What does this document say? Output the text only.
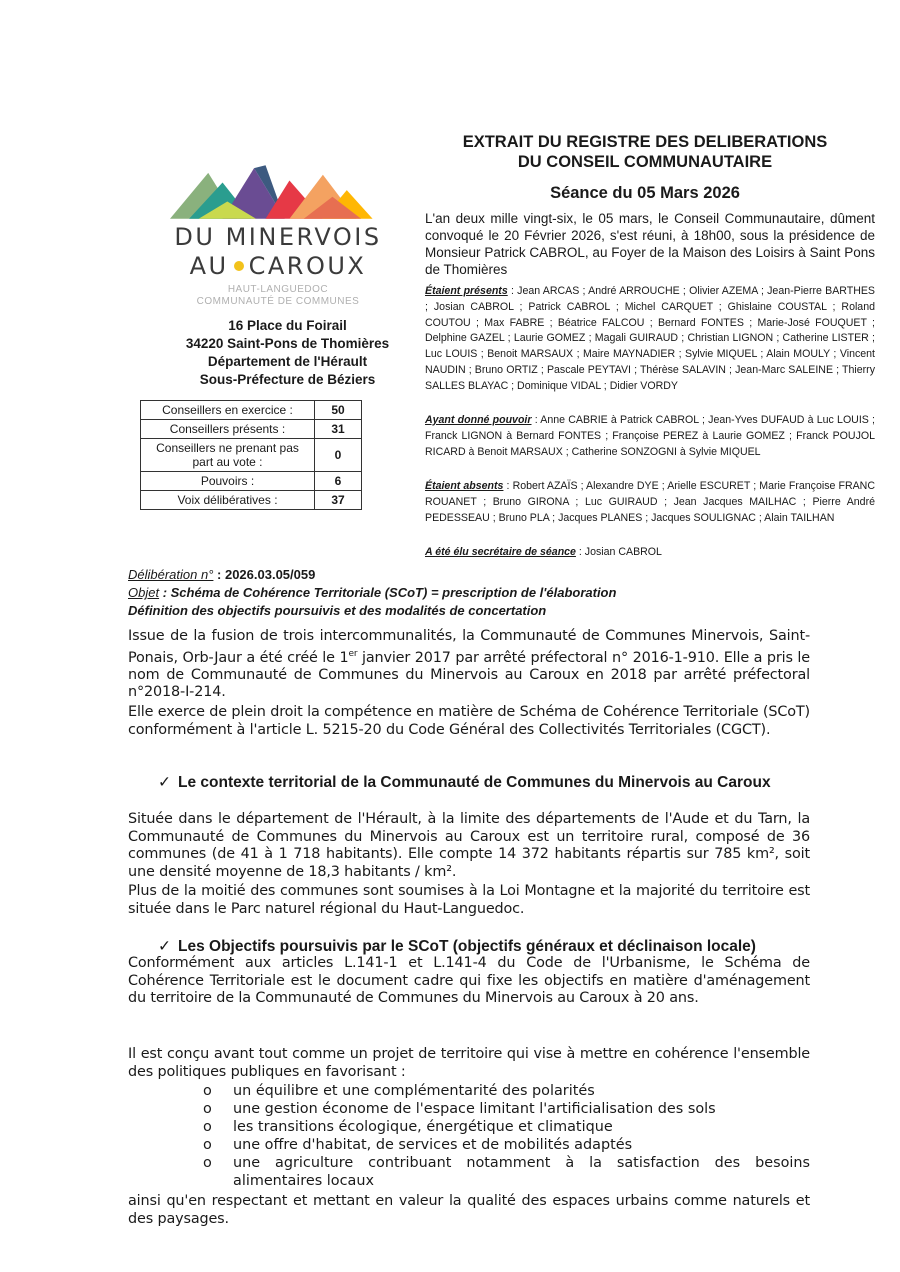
EXTRAIT DU REGISTRE DES DELIBERATIONS
DU CONSEIL COMMUNAUTAIRE
Séance du 05 Mars 2026
DU MINERVOIS
AU CAROUX
HAUT-LANGUEDOC
COMMUNAUTÉ DE COMMUNES
16 Place du Foirail
34220 Saint-Pons de Thomières
Département de l'Hérault
Sous-Préfecture de Béziers
Conseillers en exercice :	50
Conseillers présents :	31
Conseillers ne prenant pas part au vote :	0
Pouvoirs :	6
Voix délibératives :	37
L'an deux mille vingt-six, le 05 mars, le Conseil Communautaire, dûment convoqué le 20 Février 2026, s'est réuni, à 18h00, sous la présidence de Monsieur Patrick CABROL, au Foyer de la Maison des Loisirs à Saint Pons de Thomières
Étaient présents : Jean ARCAS ; André ARROUCHE ; Olivier AZEMA ; Jean-Pierre BARTHES ; Josian CABROL ; Patrick CABROL ; Michel CARQUET ; Ghislaine COUSTAL ; Roland COUTOU ; Max FABRE ; Béatrice FALCOU ; Bernard FONTES ; Marie-José FOUQUET ; Delphine GAZEL ; Laurie GOMEZ ; Magali GUIRAUD ; Christian LIGNON ; Catherine LISTER ; Luc LOUIS ; Benoit MARSAUX ; Maire MAYNADIER ; Sylvie MIQUEL ; Alain MOULY ; Vincent NAUDIN ; Bruno ORTIZ ; Pascale PEYTAVI ; Thérèse SALAVIN ; Jean-Marc SALEINE ; Thierry SALLES BLAYAC ; Dominique VIDAL ; Didier VORDY
Ayant donné pouvoir : Anne CABRIE à Patrick CABROL ; Jean-Yves DUFAUD à Luc LOUIS ; Franck LIGNON à Bernard FONTES ; Françoise PEREZ à Laurie GOMEZ ; Franck POUJOL RICARD à Benoit MARSAUX ; Catherine SONZOGNI à Sylvie MIQUEL
Étaient absents : Robert AZAÏS ; Alexandre DYE ; Arielle ESCURET ; Marie Françoise FRANC ROUANET ; Bruno GIRONA ; Luc GUIRAUD ; Jean Jacques MAILHAC ; Pierre André PEDESSEAU ; Bruno PLA ; Jacques PLANES ; Jacques SOULIGNAC ; Alain TAILHAN
A été élu secrétaire de séance : Josian CABROL
Délibération n° : 2026.03.05/059
Objet : Schéma de Cohérence Territoriale (SCoT) = prescription de l'élaboration
Définition des objectifs poursuivis et des modalités de concertation
Issue de la fusion de trois intercommunalités, la Communauté de Communes Minervois, Saint-Ponais, Orb-Jaur a été créé le 1er janvier 2017 par arrêté préfectoral n° 2016-1-910. Elle a pris le nom de Communauté de Communes du Minervois au Caroux en 2018 par arrêté préfectoral n°2018-I-214.
Elle exerce de plein droit la compétence en matière de Schéma de Cohérence Territoriale (SCoT) conformément à l'article L. 5215-20 du Code Général des Collectivités Territoriales (CGCT).
✓ Le contexte territorial de la Communauté de Communes du Minervois au Caroux
Située dans le département de l'Hérault, à la limite des départements de l'Aude et du Tarn, la Communauté de Communes du Minervois au Caroux est un territoire rural, composé de 36 communes (de 41 à 1 718 habitants). Elle compte 14 372 habitants répartis sur 785 km², soit une densité moyenne de 18,3 habitants / km².
Plus de la moitié des communes sont soumises à la Loi Montagne et la majorité du territoire est située dans le Parc naturel régional du Haut-Languedoc.
✓ Les Objectifs poursuivis par le SCoT (objectifs généraux et déclinaison locale)
Conformément aux articles L.141-1 et L.141-4 du Code de l'Urbanisme, le Schéma de Cohérence Territoriale est le document cadre qui fixe les objectifs en matière d'aménagement du territoire de la Communauté de Communes du Minervois au Caroux à 20 ans.
Il est conçu avant tout comme un projet de territoire qui vise à mettre en cohérence l'ensemble des politiques publiques en favorisant :
o un équilibre et une complémentarité des polarités
o une gestion économe de l'espace limitant l'artificialisation des sols
o les transitions écologique, énergétique et climatique
o une offre d'habitat, de services et de mobilités adaptés
o une agriculture contribuant notamment à la satisfaction des besoins alimentaires locaux
ainsi qu'en respectant et mettant en valeur la qualité des espaces urbains comme naturels et des paysages.
